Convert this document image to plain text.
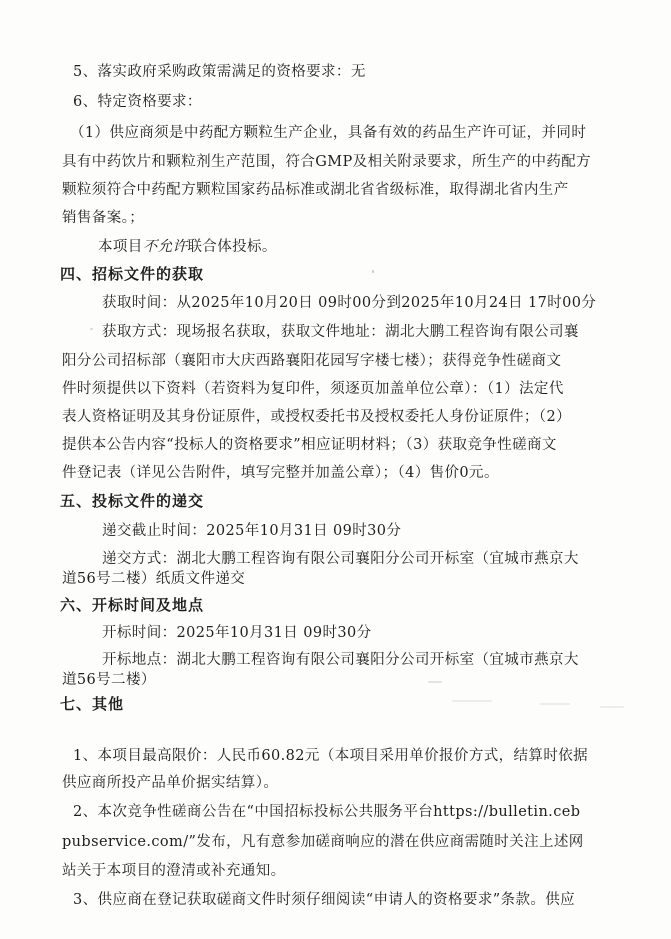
5、落实政府采购政策需满足的资格要求：无
6、特定资格要求：
（1）供应商须是中药配方颗粒生产企业，具备有效的药品生产许可证，并同时
具有中药饮片和颗粒剂生产范围，符合GMP及相关附录要求，所生产的中药配方
颗粒须符合中药配方颗粒国家药品标准或湖北省省级标准，取得湖北省内生产
销售备案。；
本项目不允许联合体投标。
四、招标文件的获取
获取时间：从2025年10月20日 09时00分到2025年10月24日 17时00分
获取方式：现场报名获取，获取文件地址：湖北大鹏工程咨询有限公司襄
阳分公司招标部（襄阳市大庆西路襄阳花园写字楼七楼）；获得竞争性磋商文
件时须提供以下资料（若资料为复印件，须逐页加盖单位公章）：（1）法定代
表人资格证明及其身份证原件，或授权委托书及授权委托人身份证原件；（2）
提供本公告内容“投标人的资格要求”相应证明材料；（3）获取竞争性磋商文
件登记表（详见公告附件，填写完整并加盖公章）；（4）售价0元。
五、投标文件的递交
递交截止时间：2025年10月31日 09时30分
递交方式：湖北大鹏工程咨询有限公司襄阳分公司开标室（宜城市燕京大
道56号二楼）纸质文件递交
六、开标时间及地点
开标时间：2025年10月31日 09时30分
开标地点：湖北大鹏工程咨询有限公司襄阳分公司开标室（宜城市燕京大
道56号二楼）
七、其他
1、本项目最高限价：人民币60.82元（本项目采用单价报价方式，结算时依据
供应商所投产品单价据实结算）。
2、本次竞争性磋商公告在“中国招标投标公共服务平台https://bulletin.ceb
pubservice.com/”发布，凡有意参加磋商响应的潜在供应商需随时关注上述网
站关于本项目的澄清或补充通知。
3、供应商在登记获取磋商文件时须仔细阅读“申请人的资格要求”条款。供应
